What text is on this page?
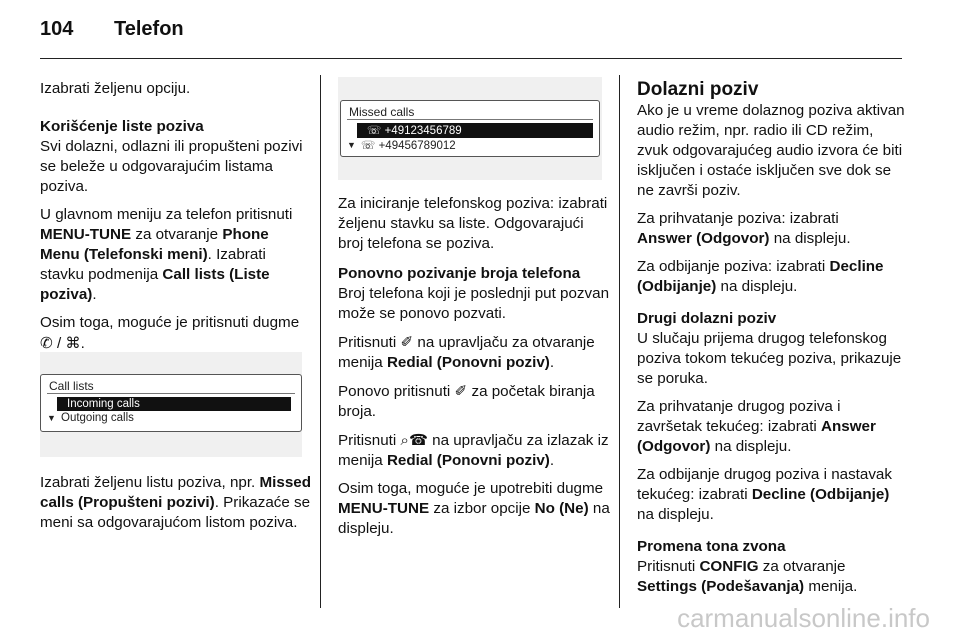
104	Telefon

Izabrati željenu opciju.

Korišćenje liste poziva

Svi dolazni, odlazni ili propušteni pozivi se beleže u odgovarajućim listama poziva.

U glavnom meniju za telefon pritisnuti MENU-TUNE za otvaranje Phone Menu (Telefonski meni). Izabrati stavku podmenija Call lists (Liste poziva).

Osim toga, moguće je pritisnuti dugme ✆ / ⌘.

Call lists
Incoming calls
▼ Outgoing calls

Izabrati željenu listu poziva, npr. Missed calls (Propušteni pozivi). Prikazaće se meni sa odgovarajućom listom poziva.

Missed calls
☏ +49123456789
▼ ☏ +49456789012

Za iniciranje telefonskog poziva: izabrati željenu stavku sa liste. Odgovarajući broj telefona se poziva.

Ponovno pozivanje broja telefona

Broj telefona koji je poslednji put pozvan može se ponovo pozvati.

Pritisnuti ✐ na upravljaču za otvaranje menija Redial (Ponovni poziv).

Ponovo pritisnuti ✐ za početak biranja broja.

Pritisnuti ⌕☎ na upravljaču za izlazak iz menija Redial (Ponovni poziv).

Osim toga, moguće je upotrebiti dugme MENU-TUNE za izbor opcije No (Ne) na displeju.

Dolazni poziv

Ako je u vreme dolaznog poziva aktivan audio režim, npr. radio ili CD režim, zvuk odgovarajućeg audio izvora će biti isključen i ostaće isključen sve dok se ne završi poziv.

Za prihvatanje poziva: izabrati
Answer (Odgovor) na displeju.

Za odbijanje poziva: izabrati Decline (Odbijanje) na displeju.

Drugi dolazni poziv

U slučaju prijema drugog telefonskog poziva tokom tekućeg poziva, prikazuje se poruka.

Za prihvatanje drugog poziva i završetak tekućeg: izabrati Answer (Odgovor) na displeju.

Za odbijanje drugog poziva i nastavak tekućeg: izabrati Decline (Odbijanje) na displeju.

Promena tona zvona

Pritisnuti CONFIG za otvaranje
Settings (Podešavanja) menija.

carmanualsonline.info
